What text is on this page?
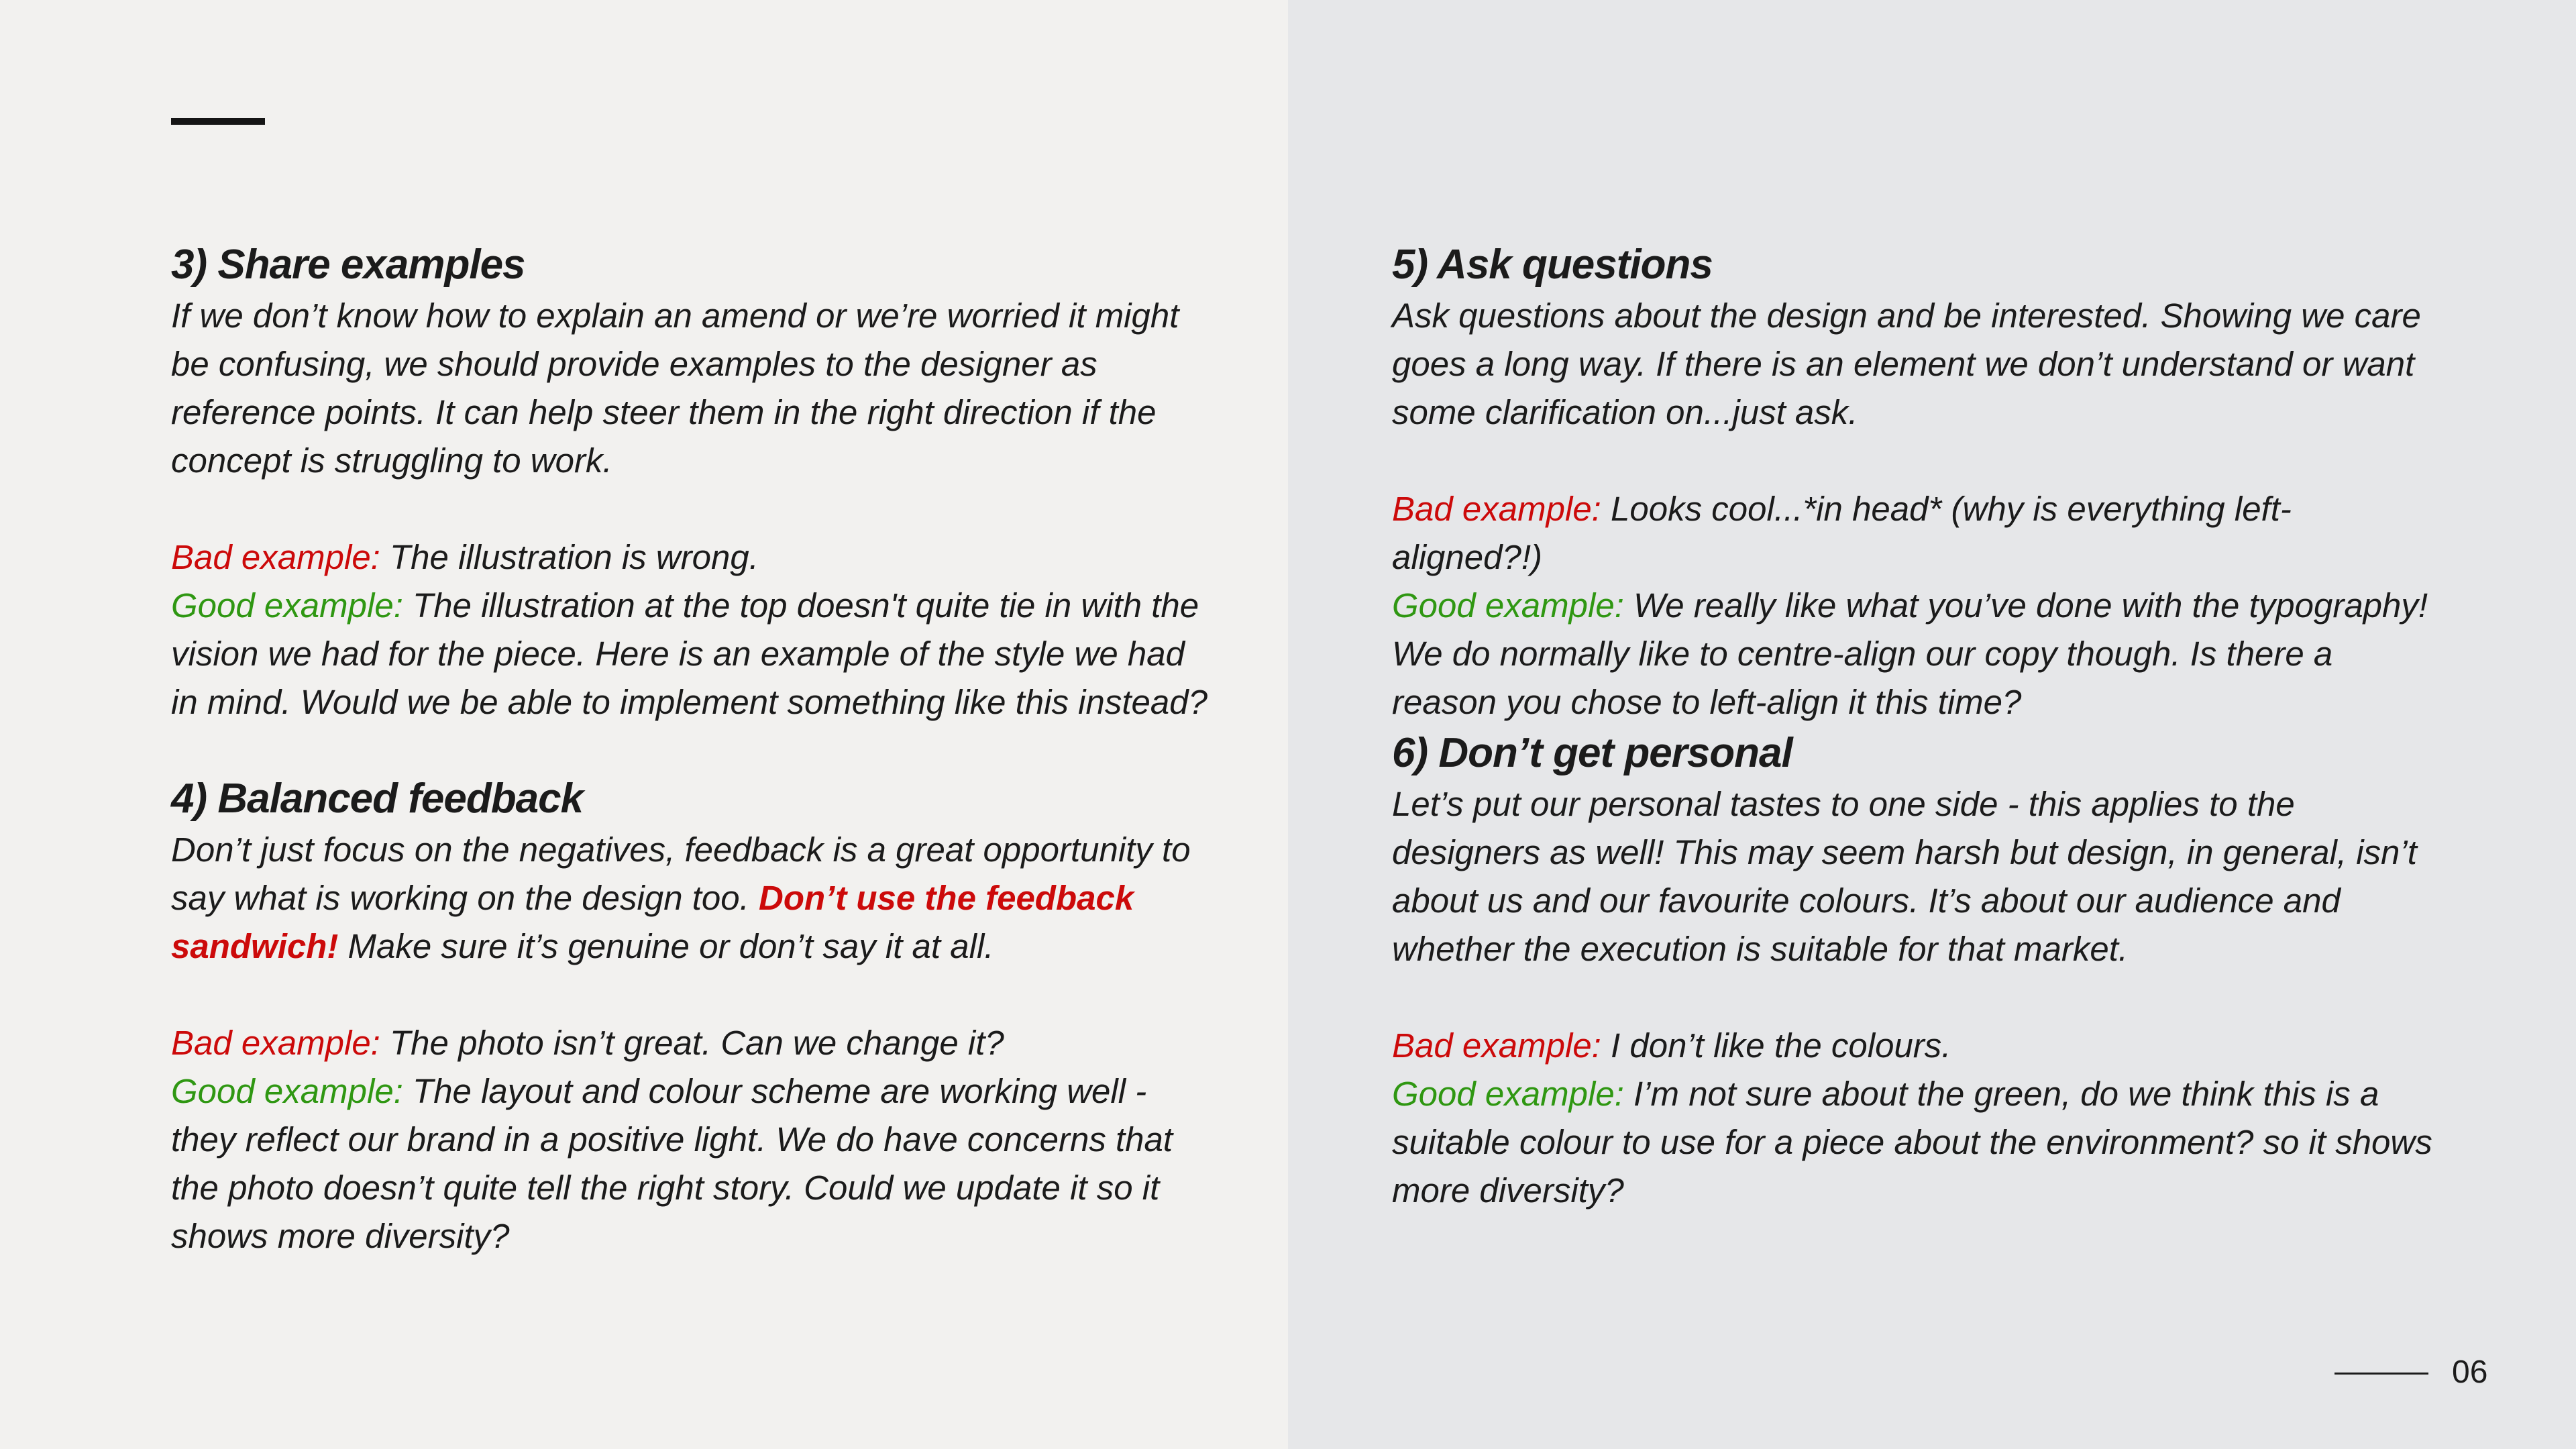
3) Share examples

If we don’t know how to explain an amend or we’re worried it might be confusing, we should provide examples to the designer as reference points. It can help steer them in the right direction if the concept is struggling to work.

Bad example: The illustration is wrong.

Good example: The illustration at the top doesn't quite tie in with the vision we had for the piece. Here is an example of the style we had in mind. Would we be able to implement something like this instead?

4) Balanced feedback

Don’t just focus on the negatives, feedback is a great opportunity to say what is working on the design too. Don’t use the feedback sandwich! Make sure it’s genuine or don’t say it at all.

Bad example: The photo isn’t great. Can we change it?

Good example: The layout and colour scheme are working well - they reflect our brand in a positive light. We do have concerns that the photo doesn’t quite tell the right story. Could we update it so it shows more diversity?

5) Ask questions

Ask questions about the design and be interested. Showing we care goes a long way. If there is an element we don’t understand or want some clarification on...just ask.

Bad example: Looks cool...*in head* (why is everything left-aligned?!)

Good example: We really like what you’ve done with the typography! We do normally like to centre-align our copy though. Is there a reason you chose to left-align it this time?

6) Don’t get personal

Let’s put our personal tastes to one side - this applies to the designers as well! This may seem harsh but design, in general, isn’t about us and our favourite colours. It’s about our audience and whether the execution is suitable for that market.

Bad example: I don’t like the colours.

Good example: I’m not sure about the green, do we think this is a suitable colour to use for a piece about the environment? so it shows more diversity?

06
